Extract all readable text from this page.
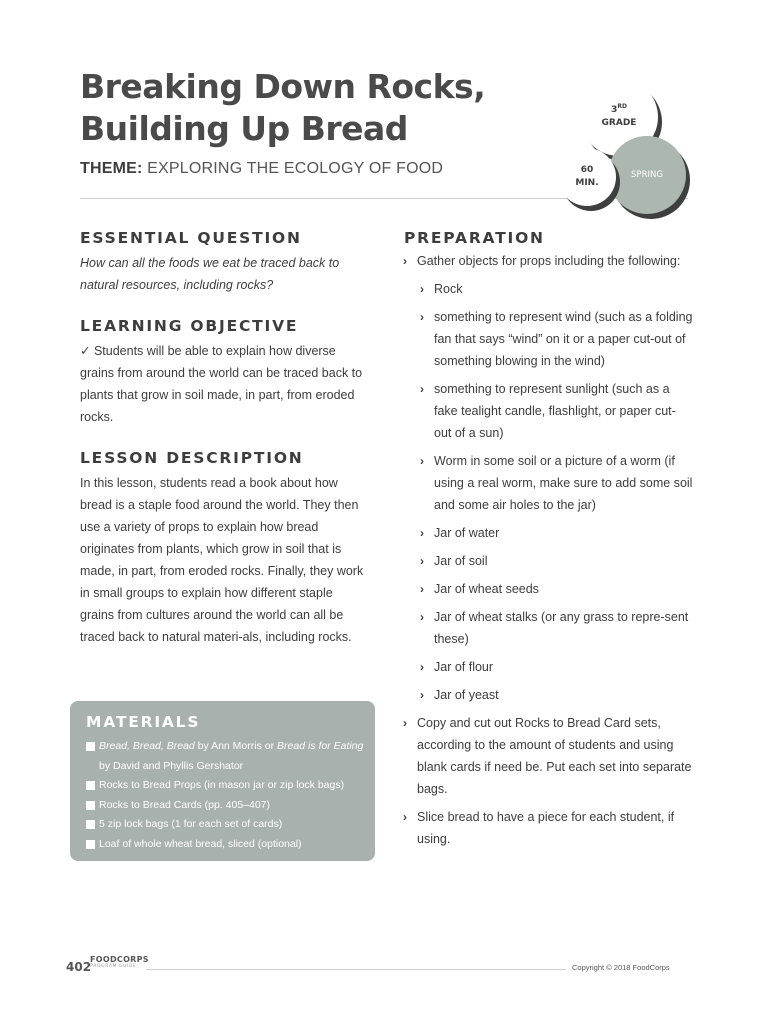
Breaking Down Rocks,
Building Up Bread
THEME: EXPLORING THE ECOLOGY OF FOOD
3RD
GRADE
SPRING
60
MIN.
ESSENTIAL QUESTION
How can all the foods we eat be traced back to natural resources, including rocks?
LEARNING OBJECTIVE
✓ Students will be able to explain how diverse grains from around the world can be traced back to plants that grow in soil made, in part, from eroded rocks.
LESSON DESCRIPTION
In this lesson, students read a book about how bread is a staple food around the world. They then use a variety of props to explain how bread originates from plants, which grow in soil that is made, in part, from eroded rocks. Finally, they work in small groups to explain how different staple grains from cultures around the world can all be traced back to natural materi-als, including rocks.
MATERIALS
Bread, Bread, Bread by Ann Morris or Bread is for Eating by David and Phyllis Gershator
Rocks to Bread Props (in mason jar or zip lock bags)
Rocks to Bread Cards (pp. 405–407)
5 zip lock bags (1 for each set of cards)
Loaf of whole wheat bread, sliced (optional)
PREPARATION
› Gather objects for props including the following:
› Rock
› something to represent wind (such as a folding fan that says “wind” on it or a paper cut-out of something blowing in the wind)
› something to represent sunlight (such as a fake tealight candle, flashlight, or paper cut-out of a sun)
› Worm in some soil or a picture of a worm (if using a real worm, make sure to add some soil and some air holes to the jar)
› Jar of water
› Jar of soil
› Jar of wheat seeds
› Jar of wheat stalks (or any grass to repre-sent these)
› Jar of flour
› Jar of yeast
› Copy and cut out Rocks to Bread Card sets, according to the amount of students and using blank cards if need be. Put each set into separate bags.
› Slice bread to have a piece for each student, if using.
402
FOODCORPS
PROGRAM GUIDE	Copyright © 2018 FoodCorps
